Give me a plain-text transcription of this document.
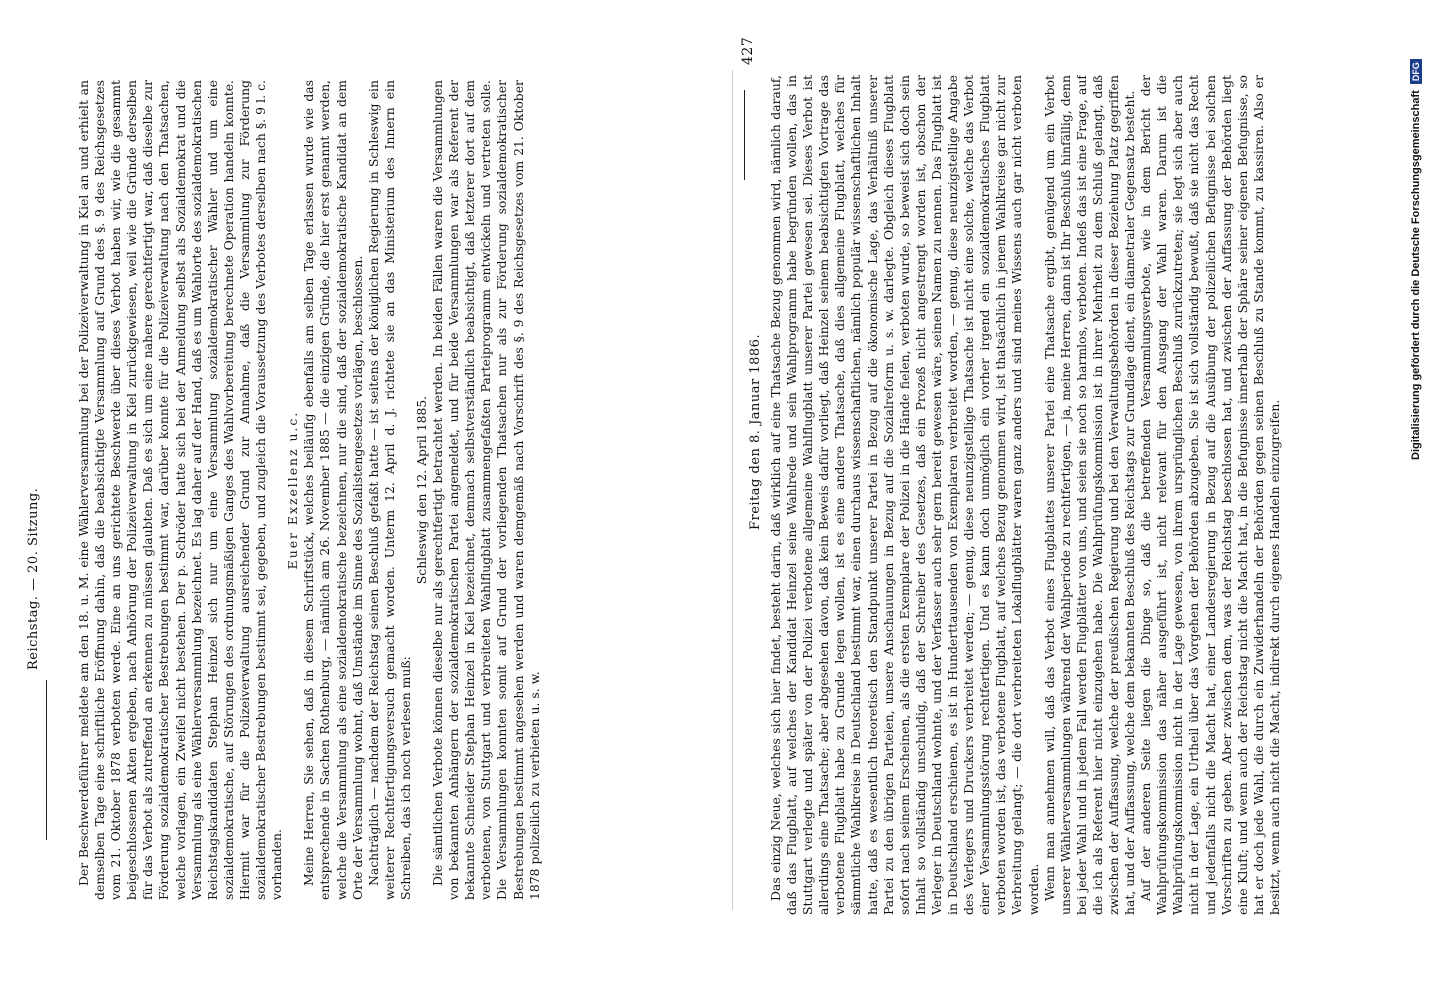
Reichstag. — 20. Sitzung.
Freitag den 8. Januar 1886.
427

Der Beschwerdeführer meldete am den 18. u. M. eine Wählerversammlung bei der Polizeiverwaltung in Kiel an und erhielt an demselben Tage eine schriftliche Eröffnung dahin, daß die beabsichtigte Versammlung auf Grund des §. 9 des Reichsgesetzes vom 21. Oktober 1878 verboten werde. Eine an uns gerichtete Beschwerde über dieses Verbot haben wir, wie die gesammt beigeschlossenen Akten ergeben, nach Anhörung der Polizeiverwaltung in Kiel zurückgewiesen, weil wie die Gründe derselben für das Verbot als zutreffend an erkennen zu müssen glaubten. Daß es sich um eine nahere gerechtfertigt war, daß dieselbe zur Förderung sozialdemokratischer Bestrebungen bestimmt war, darüber konnte für die Polizeiverwaltung nach den Thatsachen, welche vorlagen, ein Zweifel nicht bestehen. Der p. Schröder hatte sich bei der Anmeldung selbst als Sozialdemokrat und die Versammlung als eine Wählerversammlung bezeichnet. Es lag daher auf der Hand, daß es um Wahlorte des sozialdemokratischen Reichstagskandidaten Stephan Heinzel sich nur um eine Versammlung sozialdemokratischer Wähler und um eine sozialdemokratische, auf Störungen des ordnungsmäßigen Ganges des Wahlvorbereitung berechnete Operation handeln konnte. Hiermit war für die Polizeiverwaltung ausreichender Grund zur Annahme, daß die Versammlung zur Förderung sozialdemokratischer Bestrebungen bestimmt sei, gegeben, und zugleich die Voraussetzung des Verbotes derselben nach §. 9 l. c. vorhanden.

Euer Exzellenz u.c. Meine Herren, Sie sehen, daß in diesem Schriftstück, welches beiläufig ebenfalls am selben Tage erlassen wurde wie das entsprechende in Sachen Rothenburg, — nämlich am 26. November 1885 — die einzigen Gründe, die hier erst genannt werden, welche die Versammlung als eine sozialdemokratische bezeichnen, nur die sind, daß der sozialdemokratische Kandidat an dem Orte der Versammlung wohnt, daß Umstände im Sinne des Sozialistengesetzes vorlägen, beschlossen. Nachträglich — nachdem der Reichstag seinen Beschluß gefaßt hatte — ist seitens der königlichen Regierung in Schleswig ein weiterer Rechtfertigungsversuch gemacht worden. Unterm 12. April d. J. richtete sie an das Ministerium des Innern ein Schreiben, das ich noch verlesen muß:

Schleswig den 12. April 1885. Die sämtlichen Verbote können dieselbe nur als gerechtfertigt betrachtet werden. In beiden Fällen waren die Versammlungen von bekannten Anhängern der sozialdemokratischen Partei angemeldet, und für beide Versammlungen war als Referent der bekannte Schneider Stephan Heinzel in Kiel bezeichnet, demnach selbstverständlich beabsichtigt, daß letzterer dort auf dem verbotenen, von Stuttgart und verbreiteten Wahlflugblatt zusammengefaßten Parteiprogramm entwickeln und vertreten solle. Die Versammlungen konnten somit auf Grund der vorliegenden Thatsachen nur als zur Förderung sozialdemokratischer Bestrebungen bestimmt angesehen werden und waren demgemäß nach Vorschrift des §. 9 des Reichsgesetzes vom 21. Oktober 1878 polizeilich zu verbieten u. s. w.	Das einzig Neue, welches sich hier findet, besteht darin, daß wirklich auf eine Thatsache Bezug genommen wird, nämlich darauf, daß das Flugblatt, auf welches der Kandidat Heinzel seine Wahlrede und sein Wahlprogramm habe begründen wollen, das in Stuttgart verlegte und später von der Polizei verbotene allgemeine Wahlflugblatt unserer Partei gewesen sei. Dieses Verbot ist allerdings eine Thatsache; aber abgesehen davon, daß kein Beweis dafür vorliegt, daß Heinzel seinem beabsichtigten Vortrage das verbotene Flugblatt habe zu Grunde legen wollen, ist es eine andere Thatsache, daß dies allgemeine Flugblatt, welches für sämmtliche Wahlkreise in Deutschland bestimmt war, einen durchaus wissenschaftlichen, nämlich populär wissenschaftlichen Inhalt hatte, daß es wesentlich theoretisch den Standpunkt unserer Partei in Bezug auf die ökonomische Lage, das Verhältniß unserer Partei zu den übrigen Parteien, unsere Anschauungen in Bezug auf die Sozialreform u. s. w. darlegte. Obgleich dieses Flugblatt sofort nach seinem Erscheinen, als die ersten Exemplare der Polizei in die Hände fielen, verboten wurde, so beweist sich doch sein Inhalt so vollständig unschuldig, daß der Schreiber des Gesetzes, daß ein Prozeß nicht angestrengt worden ist, obschon der Verleger in Deutschland wohnte, und der Verfasser auch sehr gern bereit gewesen wäre, seinen Namen zu nennen. Das Flugblatt ist in Deutschland erschienen, es ist in Hunderttausenden von Exemplaren verbreitet worden, — genug, diese neunzigstellige Angabe des Verlegers und Druckers verbreitet werden; — genug, diese neunzigstellige Thatsache ist nicht eine solche, welche das Verbot einer Versammlungsstörung rechtfertigen. Und es kann doch unmöglich ein vorher irgend ein sozialdemokratisches Flugblatt verboten worden ist, das verbotene Flugblatt, auf welches Bezug genommen wird, ist thatsächlich in jenem Wahlkreise gar nicht zur Verbreitung gelangt; — die dort verbreiteten Lokalflugblätter waren ganz anders und sind meines Wissens auch gar nicht verboten worden. Wenn man annehmen will, daß das Verbot eines Flugblattes unserer Partei eine Thatsache ergibt, genügend um ein Verbot unserer Wählerversammlungen während der Wahlperiode zu rechtfertigen, — ja, meine Herren, dann ist Ihr Beschluß hinfällig, denn bei jeder Wahl und in jedem Fall werden Flugblätter von uns, und seien sie noch so harmlos, verboten. Indeß das ist eine Frage, auf die ich als Referent hier nicht einzugehen habe. Die Wahlprüfungskommission ist in ihrer Mehrheit zu dem Schluß gelangt, daß zwischen der Auffassung, welche der preußischen Regierung und bei den Verwaltungsbehörden in dieser Beziehung Platz gegriffen hat, und der Auffassung, welche dem bekannten Beschluß des Reichstags zur Grundlage dient, ein diametraler Gegensatz besteht. Auf der anderen Seite liegen die Dinge so, daß die betreffenden Versammlungsverbote, wie in dem Bericht der Wahlprüfungskommission das näher ausgeführt ist, nicht relevant für den Ausgang der Wahl waren. Darum ist die Wahlprüfungskommission nicht in der Lage gewesen, von ihrem ursprünglichen Beschluß zurückzutreten; sie legt sich aber auch nicht in der Lage, ein Urtheil über das Vorgehen der Behörden abzugeben. Sie ist sich vollständig bewußt, daß sie nicht das Recht und jedenfalls nicht die Macht hat, einer Landesregierung in Bezug auf die Ausübung der polizeilichen Befugnisse bei solchen Vorschriften zu geben. Aber zwischen dem, was der Reichstag beschlossen hat, und zwischen der Auffassung der Behörden liegt eine Kluft; und wenn auch der Reichstag nicht die Macht hat, in die Befugnisse innerhalb der Sphäre seiner eigenen Befugnisse, so hat er doch jede Wahl, die durch ein Zuwiderhandeln der Behörden gegen seinen Beschluß zu Stande kommt, zu kassiren. Also er besitzt, wenn auch nicht die Macht, indirekt durch eigenes Handeln einzugreifen.

Digitalisierung gefördert durch die Deutsche Forschungsgemeinschaft DFG
